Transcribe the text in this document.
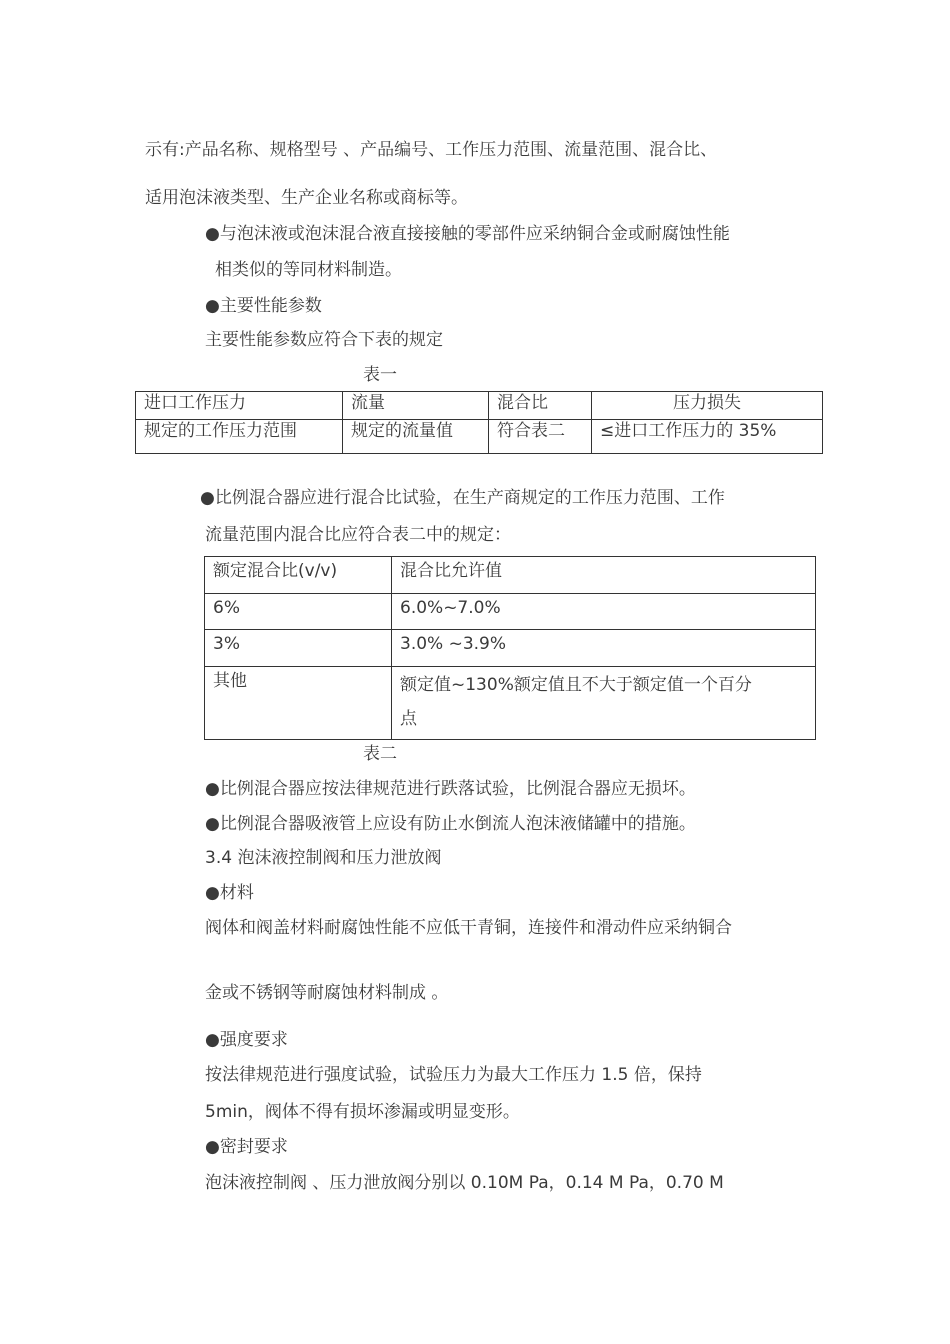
示有:产品名称、规格型号 、产品编号、工作压力范围、流量范围、混合比、
适用泡沫液类型、生产企业名称或商标等。
●与泡沫液或泡沫混合液直接接触的零部件应采纳铜合金或耐腐蚀性能
相类似的等同材料制造。
●主要性能参数
主要性能参数应符合下表的规定
表一
进口工作压力	流量	混合比	压力损失
规定的工作压力范围	规定的流量值	符合表二	≤进口工作压力的 35%
●比例混合器应进行混合比试验，在生产商规定的工作压力范围、工作
流量范围内混合比应符合表二中的规定：
额定混合比(v/v)	混合比允许值
6%	6.0%~7.0%
3%	3.0% ~3.9%
其他	额定值~130%额定值且不大于额定值一个百分
点
表二
●比例混合器应按法律规范进行跌落试验，比例混合器应无损坏。
●比例混合器吸液管上应设有防止水倒流人泡沫液储罐中的措施。
3.4 泡沫液控制阀和压力泄放阀
●材料
阀体和阀盖材料耐腐蚀性能不应低干青铜，连接件和滑动件应采纳铜合
金或不锈钢等耐腐蚀材料制成 。
●强度要求
按法律规范进行强度试验，试验压力为最大工作压力 1.5 倍，保持
5min，阀体不得有损坏渗漏或明显变形。
●密封要求
泡沫液控制阀 、压力泄放阀分别以 0.10M Pa，0.14 M Pa，0.70 M
